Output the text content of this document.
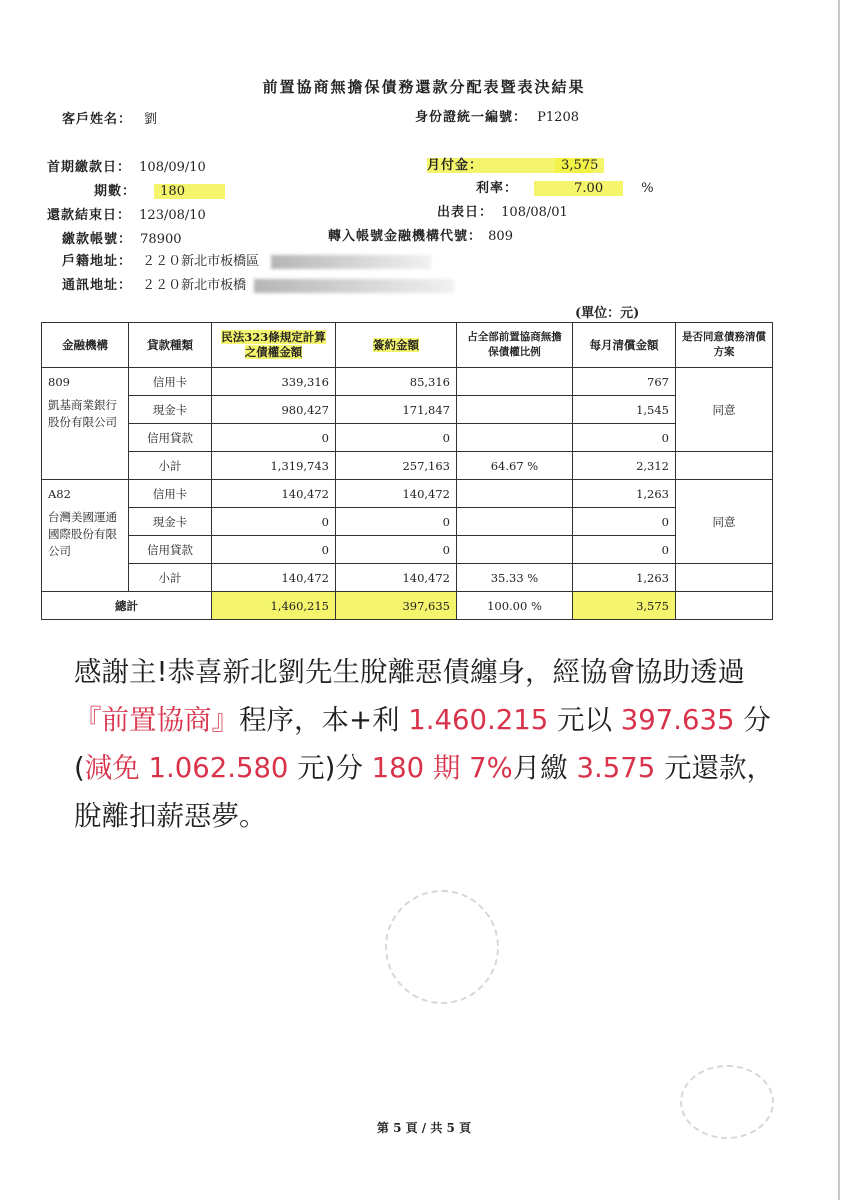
前置協商無擔保債務還款分配表暨表決結果
客戶姓名： 劉	身份證統一編號： P1208
首期繳款日： 108/09/10
期數： 180
還款結束日： 123/08/10
繳款帳號： 78900
戶籍地址： ２２０新北市板橋區
通訊地址： ２２０新北市板橋
月付金：	3,575
利率：	7.00	%
出表日： 108/08/01
轉入帳號金融機構代號： 809
(單位：元)
金融機構	貸款種類	民法323條規定計算之債權金額	簽約金額	占全部前置協商無擔保債權比例	每月清償金額	是否同意債務清償方案

809
凱基商業銀行股份有限公司	信用卡	339,316	85,316		767	同意
	現金卡	980,427	171,847		1,545	
	信用貸款	0	0		0	
	小計	1,319,743	257,163	64.67 %	2,312	

A82
台灣美國運通國際股份有限公司	信用卡	140,472	140,472		1,263	同意
	現金卡	0	0		0	
	信用貸款	0	0		0	
	小計	140,472	140,472	35.33 %	1,263	
總計		1,460,215	397,635	100.00 %	3,575	
感謝主!恭喜新北劉先生脫離惡債纏身，經協會協助透過『前置協商』程序，本+利 1.460.215 元以 397.635 分(減免 1.062.580 元)分 180 期 7%月繳 3.575 元還款，脫離扣薪惡夢。
第 5 頁 / 共 5 頁
